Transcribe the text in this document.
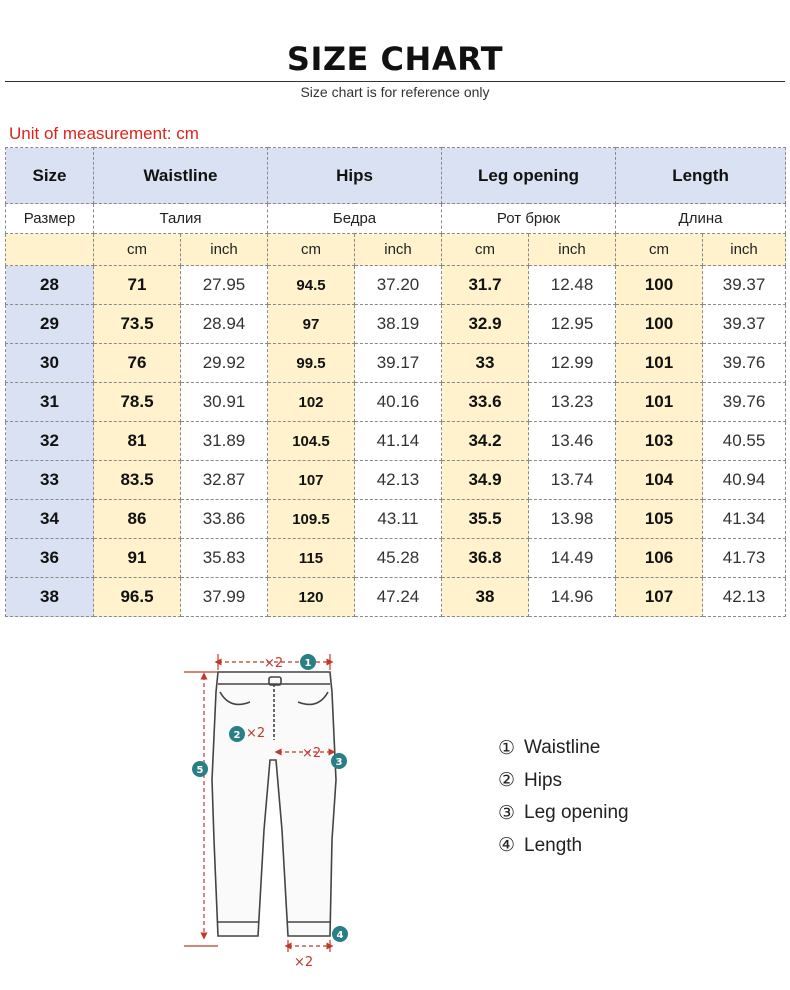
SIZE CHART
Size chart is for reference only
Unit of measurement: cm
Size	Waistline		Hips		Leg opening		Length	
Размер	Талия		Бедра		Рот брюк		Длина	
	cm	inch	cm	inch	cm	inch	cm	inch
28	71	27.95	94.5	37.20	31.7	12.48	100	39.37
29	73.5	28.94	97	38.19	32.9	12.95	100	39.37
30	76	29.92	99.5	39.17	33	12.99	101	39.76
31	78.5	30.91	102	40.16	33.6	13.23	101	39.76
32	81	31.89	104.5	41.14	34.2	13.46	103	40.55
33	83.5	32.87	107	42.13	34.9	13.74	104	40.94
34	86	33.86	109.5	43.11	35.5	13.98	105	41.34
36	91	35.83	115	45.28	36.8	14.49	106	41.73
38	96.5	37.99	120	47.24	38	14.96	107	42.13
×2
×2
×2
×2
1
2
3
4
5
① Waistline
② Hips
③ Leg opening
④ Length
